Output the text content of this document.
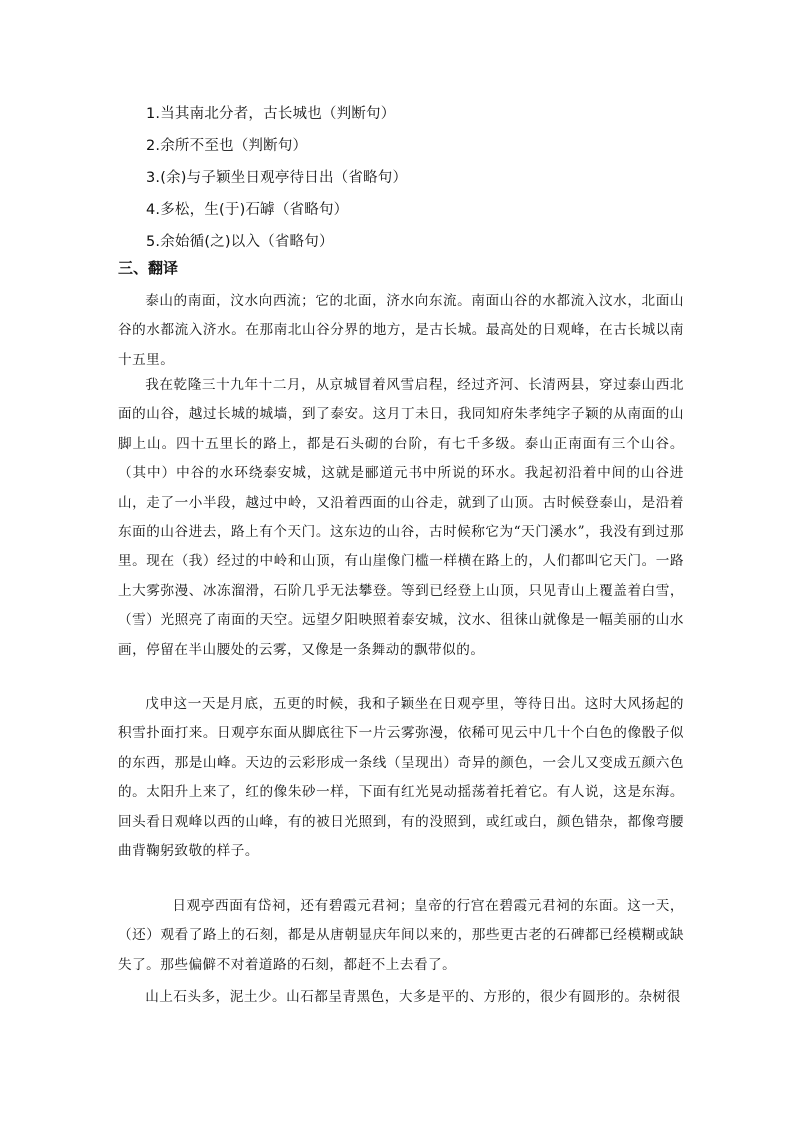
1.当其南北分者，古长城也（判断句）
2.余所不至也（判断句）
3.(余)与子颖坐日观亭待日出（省略句）
4.多松，生(于)石罅（省略句）
5.余始循(之)以入（省略句）
三、翻译

泰山的南面，汶水向西流；它的北面，济水向东流。南面山谷的水都流入汶水，北面山谷的水都流入济水。在那南北山谷分界的地方，是古长城。最高处的日观峰，在古长城以南十五里。

我在乾隆三十九年十二月，从京城冒着风雪启程，经过齐河、长清两县，穿过泰山西北面的山谷，越过长城的城墙，到了泰安。这月丁未日，我同知府朱孝纯字子颖的从南面的山脚上山。四十五里长的路上，都是石头砌的台阶，有七千多级。泰山正南面有三个山谷。（其中）中谷的水环绕泰安城，这就是郦道元书中所说的环水。我起初沿着中间的山谷进山，走了一小半段，越过中岭，又沿着西面的山谷走，就到了山顶。古时候登泰山，是沿着东面的山谷进去，路上有个天门。这东边的山谷，古时候称它为“天门溪水”，我没有到过那里。现在（我）经过的中岭和山顶，有山崖像门槛一样横在路上的，人们都叫它天门。一路上大雾弥漫、冰冻溜滑，石阶几乎无法攀登。等到已经登上山顶，只见青山上覆盖着白雪，（雪）光照亮了南面的天空。远望夕阳映照着泰安城，汶水、徂徕山就像是一幅美丽的山水画，停留在半山腰处的云雾，又像是一条舞动的飘带似的。

戊申这一天是月底，五更的时候，我和子颖坐在日观亭里，等待日出。这时大风扬起的积雪扑面打来。日观亭东面从脚底往下一片云雾弥漫，依稀可见云中几十个白色的像骰子似的东西，那是山峰。天边的云彩形成一条线（呈现出）奇异的颜色，一会儿又变成五颜六色的。太阳升上来了，红的像朱砂一样，下面有红光晃动摇荡着托着它。有人说，这是东海。回头看日观峰以西的山峰，有的被日光照到，有的没照到，或红或白，颜色错杂，都像弯腰曲背鞠躬致敬的样子。

日观亭西面有岱祠，还有碧霞元君祠；皇帝的行宫在碧霞元君祠的东面。这一天，（还）观看了路上的石刻，都是从唐朝显庆年间以来的，那些更古老的石碑都已经模糊或缺失了。那些偏僻不对着道路的石刻，都赶不上去看了。

山上石头多，泥土少。山石都呈青黑色，大多是平的、方形的，很少有圆形的。杂树很
